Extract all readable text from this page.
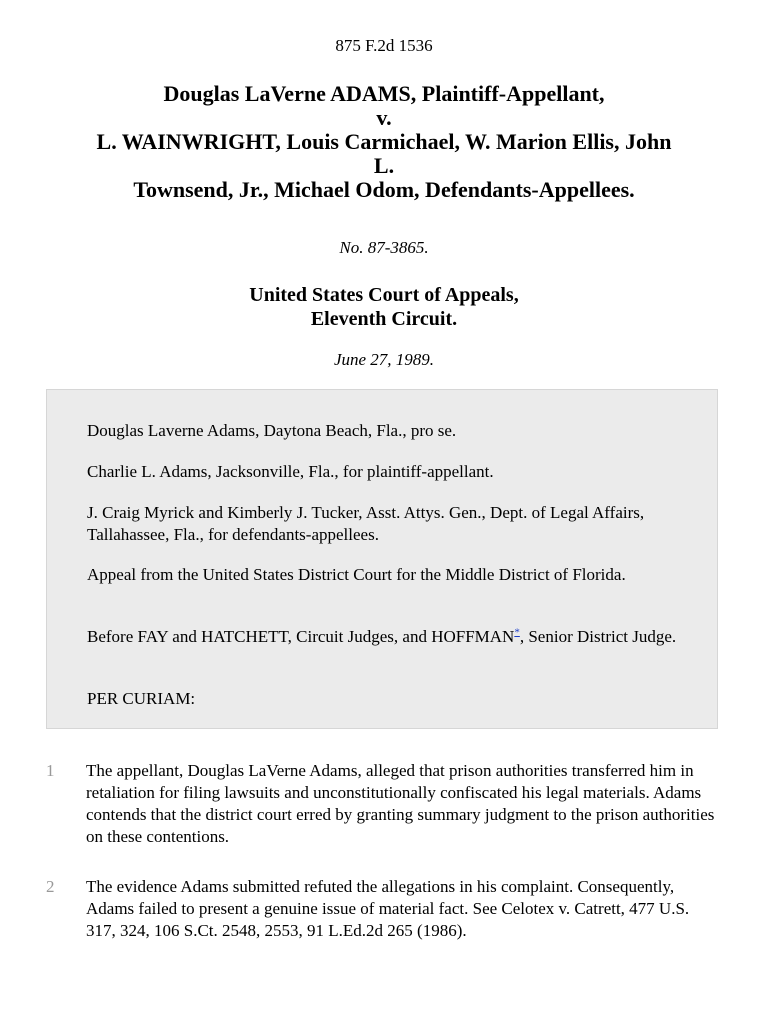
875 F.2d 1536
Douglas LaVerne ADAMS, Plaintiff-Appellant,
v.
L. WAINWRIGHT, Louis Carmichael, W. Marion Ellis, John
L.
Townsend, Jr., Michael Odom, Defendants-Appellees.
No. 87-3865.
United States Court of Appeals,
Eleventh Circuit.
June 27, 1989.

Douglas Laverne Adams, Daytona Beach, Fla., pro se.

Charlie L. Adams, Jacksonville, Fla., for plaintiff-appellant.

J. Craig Myrick and Kimberly J. Tucker, Asst. Attys. Gen., Dept. of Legal Affairs, Tallahassee, Fla., for defendants-appellees.

Appeal from the United States District Court for the Middle District of Florida.

Before FAY and HATCHETT, Circuit Judges, and HOFFMAN*, Senior District Judge.

PER CURIAM:

1	The appellant, Douglas LaVerne Adams, alleged that prison authorities transferred him in retaliation for filing lawsuits and unconstitutionally confiscated his legal materials. Adams contends that the district court erred by granting summary judgment to the prison authorities on these contentions.

2	The evidence Adams submitted refuted the allegations in his complaint. Consequently, Adams failed to present a genuine issue of material fact. See Celotex v. Catrett, 477 U.S. 317, 324, 106 S.Ct. 2548, 2553, 91 L.Ed.2d 265 (1986).
